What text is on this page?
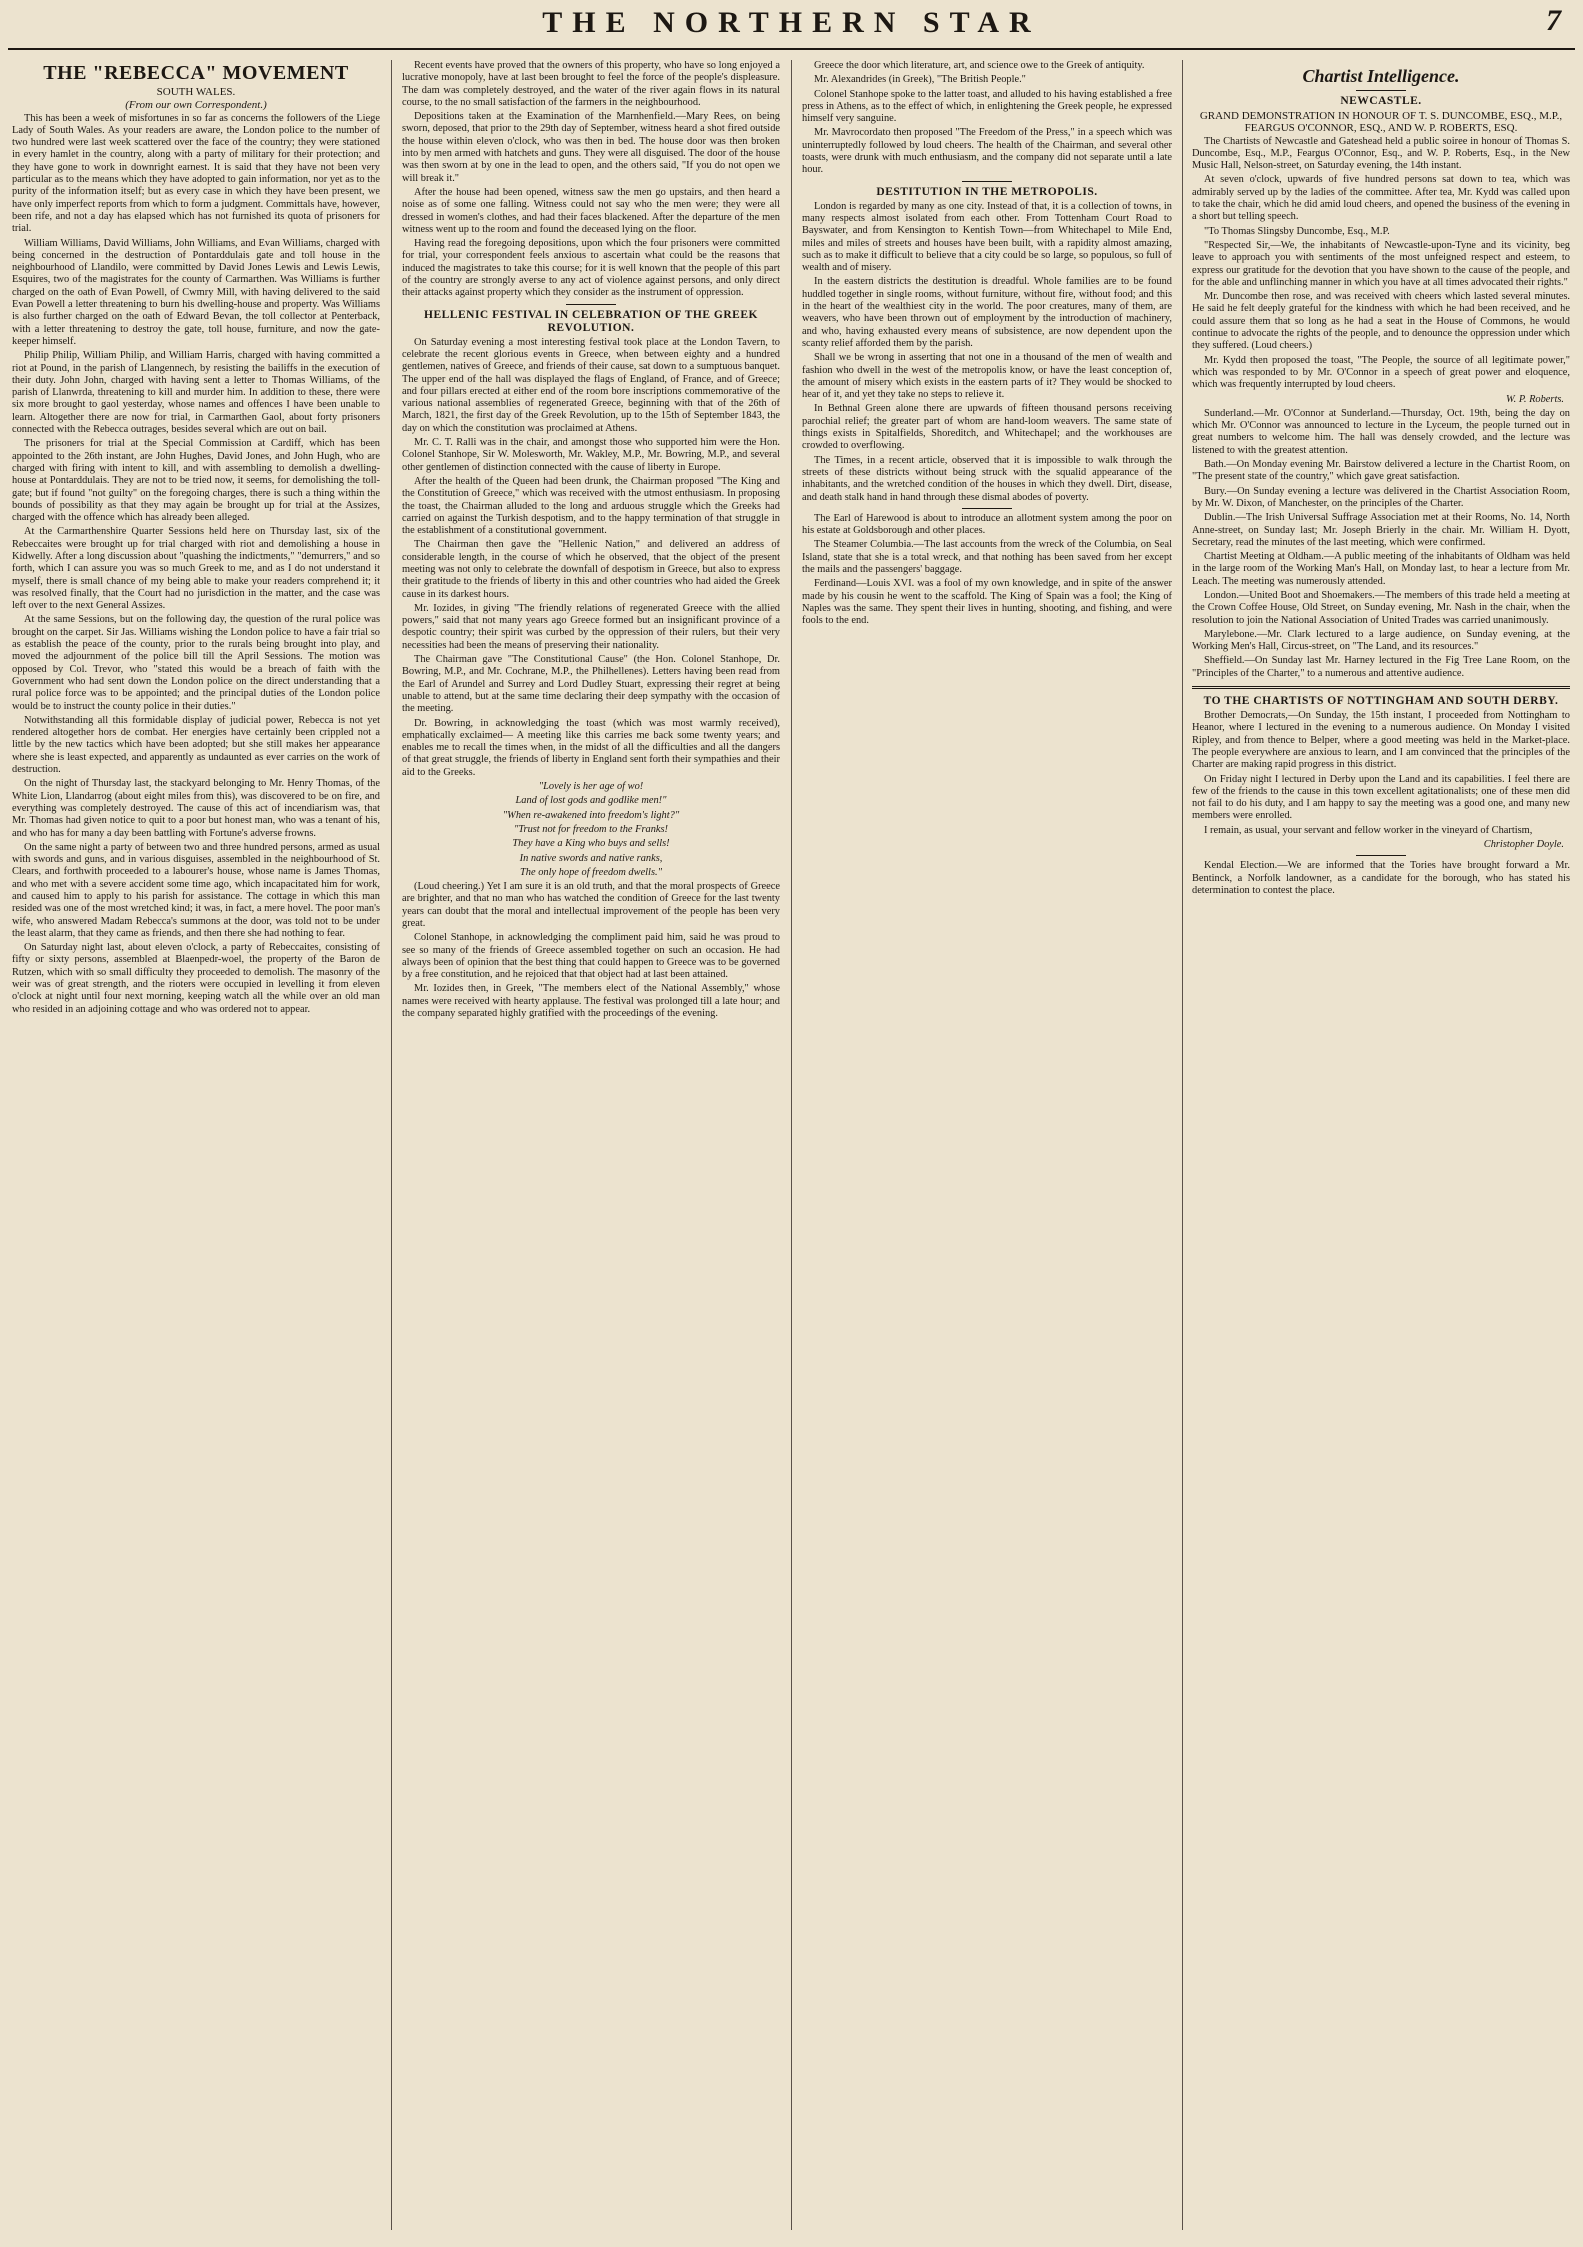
THE NORTHERN STAR	7
THE "REBECCA" MOVEMENT
SOUTH WALES.
(From our own Correspondent.)

This has been a week of misfortunes in so far as concerns the followers of the Liege Lady of South Wales. As your readers are aware, the London police to the number of two hundred were last week scattered over the face of the country; they were stationed in every hamlet in the country, along with a party of military for their protection; and they have gone to work in downright earnest. It is said that they have not been very particular as to the means which they have adopted to gain information, nor yet as to the purity of the information itself; but as every case in which they have been present, we have only imperfect reports from which to form a judgment. Committals have, however, been rife, and not a day has elapsed which has not furnished its quota of prisoners for trial.

William Williams, David Williams, John Williams, and Evan Williams, charged with being concerned in the destruction of Pontarddulais gate and toll house in the neighbourhood of Llandilo, were committed by David Jones Lewis and Lewis Lewis, Esquires, two of the magistrates for the county of Carmarthen. Was Williams is further charged on the oath of Evan Powell, of Cwmry Mill, with having delivered to the said Evan Powell a letter threatening to burn his dwelling-house and property. Was Williams is also further charged on the oath of Edward Bevan, the toll collector at Penterback, with a letter threatening to destroy the gate, toll house, furniture, and now the gate-keeper himself.

Philip Philip, William Philip, and William Harris, charged with having committed a riot at Pound, in the parish of Llangennech, by resisting the bailiffs in the execution of their duty. John John, charged with having sent a letter to Thomas Williams, of the parish of Llanwrda, threatening to kill and murder him. In addition to these, there were six more brought to gaol yesterday, whose names and offences I have been unable to learn. Altogether there are now for trial, in Carmarthen Gaol, about forty prisoners connected with the Rebecca outrages, besides several which are out on bail.

The prisoners for trial at the Special Commission at Cardiff, which has been appointed to the 26th instant, are John Hughes, David Jones, and John Hugh, who are charged with firing with intent to kill, and with assembling to demolish a dwelling-house at Pontarddulais. They are not to be tried now, it seems, for demolishing the toll-gate; but if found "not guilty" on the foregoing charges, there is such a thing within the bounds of possibility as that they may again be brought up for trial at the Assizes, charged with the offence which has already been alleged.

At the Carmarthenshire Quarter Sessions held here on Thursday last, six of the Rebeccaites were brought up for trial charged with riot and demolishing a house in Kidwelly. After a long discussion about "quashing the indictments," "demurrers," and so forth, which I can assure you was so much Greek to me, and as I do not understand it myself, there is small chance of my being able to make your readers comprehend it; it was resolved finally, that the Court had no jurisdiction in the matter, and the case was left over to the next General Assizes.

At the same Sessions, but on the following day, the question of the rural police was brought on the carpet. Sir Jas. Williams wishing the London police to have a fair trial so as establish the peace of the county, prior to the rurals being brought into play, and moved the adjournment of the police bill till the April Sessions. The motion was opposed by Col. Trevor, who "stated this would be a breach of faith with the Government who had sent down the London police on the direct understanding that a rural police force was to be appointed; and the principal duties of the London police would be to instruct the county police in their duties."

Notwithstanding all this formidable display of judicial power, Rebecca is not yet rendered altogether hors de combat. Her energies have certainly been crippled not a little by the new tactics which have been adopted; but she still makes her appearance where she is least expected, and apparently as undaunted as ever carries on the work of destruction.

On the night of Thursday last, the stackyard belonging to Mr. Henry Thomas, of the White Lion, Llandarrog (about eight miles from this), was discovered to be on fire, and everything was completely destroyed. The cause of this act of incendiarism was, that Mr. Thomas had given notice to quit to a poor but honest man, who was a tenant of his, and who has for many a day been battling with Fortune's adverse frowns.

On the same night a party of between two and three hundred persons, armed as usual with swords and guns, and in various disguises, assembled in the neighbourhood of St. Clears, and forthwith proceeded to a labourer's house, whose name is James Thomas, and who met with a severe accident some time ago, which incapacitated him for work, and caused him to apply to his parish for assistance. The cottage in which this man resided was one of the most wretched kind; it was, in fact, a mere hovel. The poor man's wife, who answered Madam Rebecca's summons at the door, was told not to be under the least alarm, that they came as friends, and then there she had nothing to fear.

On Saturday night last, about eleven o'clock, a party of Rebeccaites, consisting of fifty or sixty persons, assembled at Blaenpedr-woel, the property of the Baron de Rutzen, which with so small difficulty they proceeded to demolish. The masonry of the weir was of great strength, and the rioters were occupied in levelling it from eleven o'clock at night until four next morning, keeping watch all the while over an old man who resided in an adjoining cottage and who was ordered not to appear.

Recent events have proved that the owners of this property, who have so long enjoyed a lucrative monopoly, have at last been brought to feel the force of the people's displeasure. The dam was completely destroyed, and the water of the river again flows in its natural course, to the no small satisfaction of the farmers in the neighbourhood.

Depositions taken at the Examination of the Marnhenfield.—Mary Rees, on being sworn, deposed, that prior to the 29th day of September, witness heard a shot fired outside the house within eleven o'clock, who was then in bed. The house door was then broken into by men armed with hatchets and guns. They were all disguised. The door of the house was then sworn at by one in the lead to open, and the others said, "If you do not open we will break it."

After the house had been opened, witness saw the men go upstairs, and then heard a noise as of some one falling. Witness could not say who the men were; they were all dressed in women's clothes, and had their faces blackened. After the departure of the men witness went up to the room and found the deceased lying on the floor.

Having read the foregoing depositions, upon which the four prisoners were committed for trial, your correspondent feels anxious to ascertain what could be the reasons that induced the magistrates to take this course; for it is well known that the people of this part of the country are strongly averse to any act of violence against persons, and only direct their attacks against property which they consider as the instrument of oppression.

HELLENIC FESTIVAL IN CELEBRATION OF THE GREEK REVOLUTION.

On Saturday evening a most interesting festival took place at the London Tavern, to celebrate the recent glorious events in Greece, when between eighty and a hundred gentlemen, natives of Greece, and friends of their cause, sat down to a sumptuous banquet. The upper end of the hall was displayed the flags of England, of France, and of Greece; and four pillars erected at either end of the room bore inscriptions commemorative of the various national assemblies of regenerated Greece, beginning with that of the 26th of March, 1821, the first day of the Greek Revolution, up to the 15th of September 1843, the day on which the constitution was proclaimed at Athens.

Mr. C. T. Ralli was in the chair, and amongst those who supported him were the Hon. Colonel Stanhope, Sir W. Molesworth, Mr. Wakley, M.P., Mr. Bowring, M.P., and several other gentlemen of distinction connected with the cause of liberty in Europe.

After the health of the Queen had been drunk, the Chairman proposed "The King and the Constitution of Greece," which was received with the utmost enthusiasm. In proposing the toast, the Chairman alluded to the long and arduous struggle which the Greeks had carried on against the Turkish despotism, and to the happy termination of that struggle in the establishment of a constitutional government.

The Chairman then gave the "Hellenic Nation," and delivered an address of considerable length, in the course of which he observed, that the object of the present meeting was not only to celebrate the downfall of despotism in Greece, but also to express their gratitude to the friends of liberty in this and other countries who had aided the Greek cause in its darkest hours.

Mr. Iozides, in giving "The friendly relations of regenerated Greece with the allied powers," said that not many years ago Greece formed but an insignificant province of a despotic country; their spirit was curbed by the oppression of their rulers, but their very necessities had been the means of preserving their nationality.

The Chairman gave "The Constitutional Cause" (the Hon. Colonel Stanhope, Dr. Bowring, M.P., and Mr. Cochrane, M.P., the Philhellenes). Letters having been read from the Earl of Arundel and Surrey and Lord Dudley Stuart, expressing their regret at being unable to attend, but at the same time declaring their deep sympathy with the occasion of the meeting.

Dr. Bowring, in acknowledging the toast (which was most warmly received), emphatically exclaimed— A meeting like this carries me back some twenty years; and enables me to recall the times when, in the midst of all the difficulties and all the dangers of that great struggle, the friends of liberty in England sent forth their sympathies and their aid to the Greeks.

"Lovely is her age of wo!

Land of lost gods and godlike men!"

"When re-awakened into freedom's light?"

"Trust not for freedom to the Franks!

They have a King who buys and sells!

In native swords and native ranks,

The only hope of freedom dwells."

(Loud cheering.) Yet I am sure it is an old truth, and that the moral prospects of Greece are brighter, and that no man who has watched the condition of Greece for the last twenty years can doubt that the moral and intellectual improvement of the people has been very great.

Colonel Stanhope, in acknowledging the compliment paid him, said he was proud to see so many of the friends of Greece assembled together on such an occasion. He had always been of opinion that the best thing that could happen to Greece was to be governed by a free constitution, and he rejoiced that that object had at last been attained.

Mr. Iozides then, in Greek, "The members elect of the National Assembly," whose names were received with hearty applause. The festival was prolonged till a late hour; and the company separated highly gratified with the proceedings of the evening.

Greece the door which literature, art, and science owe to the Greek of antiquity.

Mr. Alexandrides (in Greek), "The British People."

Colonel Stanhope spoke to the latter toast, and alluded to his having established a free press in Athens, as to the effect of which, in enlightening the Greek people, he expressed himself very sanguine.

Mr. Mavrocordato then proposed "The Freedom of the Press," in a speech which was uninterruptedly followed by loud cheers. The health of the Chairman, and several other toasts, were drunk with much enthusiasm, and the company did not separate until a late hour.

DESTITUTION IN THE METROPOLIS.

London is regarded by many as one city. Instead of that, it is a collection of towns, in many respects almost isolated from each other. From Tottenham Court Road to Bayswater, and from Kensington to Kentish Town—from Whitechapel to Mile End, miles and miles of streets and houses have been built, with a rapidity almost amazing, such as to make it difficult to believe that a city could be so large, so populous, so full of wealth and of misery.

In the eastern districts the destitution is dreadful. Whole families are to be found huddled together in single rooms, without furniture, without fire, without food; and this in the heart of the wealthiest city in the world. The poor creatures, many of them, are weavers, who have been thrown out of employment by the introduction of machinery, and who, having exhausted every means of subsistence, are now dependent upon the scanty relief afforded them by the parish.

Shall we be wrong in asserting that not one in a thousand of the men of wealth and fashion who dwell in the west of the metropolis know, or have the least conception of, the amount of misery which exists in the eastern parts of it? They would be shocked to hear of it, and yet they take no steps to relieve it.

In Bethnal Green alone there are upwards of fifteen thousand persons receiving parochial relief; the greater part of whom are hand-loom weavers. The same state of things exists in Spitalfields, Shoreditch, and Whitechapel; and the workhouses are crowded to overflowing.

The Times, in a recent article, observed that it is impossible to walk through the streets of these districts without being struck with the squalid appearance of the inhabitants, and the wretched condition of the houses in which they dwell. Dirt, disease, and death stalk hand in hand through these dismal abodes of poverty.

The Earl of Harewood is about to introduce an allotment system among the poor on his estate at Goldsborough and other places.

The Steamer Columbia.—The last accounts from the wreck of the Columbia, on Seal Island, state that she is a total wreck, and that nothing has been saved from her except the mails and the passengers' baggage.

Ferdinand—Louis XVI. was a fool of my own knowledge, and in spite of the answer made by his cousin he went to the scaffold. The King of Spain was a fool; the King of Naples was the same. They spent their lives in hunting, shooting, and fishing, and were fools to the end.

Chartist Intelligence.
NEWCASTLE.
GRAND DEMONSTRATION IN HONOUR OF T. S. DUNCOMBE, ESQ., M.P., FEARGUS O'CONNOR, ESQ., AND W. P. ROBERTS, ESQ.

The Chartists of Newcastle and Gateshead held a public soiree in honour of Thomas S. Duncombe, Esq., M.P., Feargus O'Connor, Esq., and W. P. Roberts, Esq., in the New Music Hall, Nelson-street, on Saturday evening, the 14th instant.

At seven o'clock, upwards of five hundred persons sat down to tea, which was admirably served up by the ladies of the committee. After tea, Mr. Kydd was called upon to take the chair, which he did amid loud cheers, and opened the business of the evening in a short but telling speech.

"To Thomas Slingsby Duncombe, Esq., M.P.

"Respected Sir,—We, the inhabitants of Newcastle-upon-Tyne and its vicinity, beg leave to approach you with sentiments of the most unfeigned respect and esteem, to express our gratitude for the devotion that you have shown to the cause of the people, and for the able and unflinching manner in which you have at all times advocated their rights."

Mr. Duncombe then rose, and was received with cheers which lasted several minutes. He said he felt deeply grateful for the kindness with which he had been received, and he could assure them that so long as he had a seat in the House of Commons, he would continue to advocate the rights of the people, and to denounce the oppression under which they suffered. (Loud cheers.)

Mr. Kydd then proposed the toast, "The People, the source of all legitimate power," which was responded to by Mr. O'Connor in a speech of great power and eloquence, which was frequently interrupted by loud cheers.

W. P. Roberts.

Sunderland.—Mr. O'Connor at Sunderland.—Thursday, Oct. 19th, being the day on which Mr. O'Connor was announced to lecture in the Lyceum, the people turned out in great numbers to welcome him. The hall was densely crowded, and the lecture was listened to with the greatest attention.

Bath.—On Monday evening Mr. Bairstow delivered a lecture in the Chartist Room, on "The present state of the country," which gave great satisfaction.

Bury.—On Sunday evening a lecture was delivered in the Chartist Association Room, by Mr. W. Dixon, of Manchester, on the principles of the Charter.

Dublin.—The Irish Universal Suffrage Association met at their Rooms, No. 14, North Anne-street, on Sunday last; Mr. Joseph Brierly in the chair. Mr. William H. Dyott, Secretary, read the minutes of the last meeting, which were confirmed.

Chartist Meeting at Oldham.—A public meeting of the inhabitants of Oldham was held in the large room of the Working Man's Hall, on Monday last, to hear a lecture from Mr. Leach. The meeting was numerously attended.

London.—United Boot and Shoemakers.—The members of this trade held a meeting at the Crown Coffee House, Old Street, on Sunday evening, Mr. Nash in the chair, when the resolution to join the National Association of United Trades was carried unanimously.

Marylebone.—Mr. Clark lectured to a large audience, on Sunday evening, at the Working Men's Hall, Circus-street, on "The Land, and its resources."

Sheffield.—On Sunday last Mr. Harney lectured in the Fig Tree Lane Room, on the "Principles of the Charter," to a numerous and attentive audience.

TO THE CHARTISTS OF NOTTINGHAM AND SOUTH DERBY.

Brother Democrats,—On Sunday, the 15th instant, I proceeded from Nottingham to Heanor, where I lectured in the evening to a numerous audience. On Monday I visited Ripley, and from thence to Belper, where a good meeting was held in the Market-place. The people everywhere are anxious to learn, and I am convinced that the principles of the Charter are making rapid progress in this district.

On Friday night I lectured in Derby upon the Land and its capabilities. I feel there are few of the friends to the cause in this town excellent agitationalists; one of these men did not fail to do his duty, and I am happy to say the meeting was a good one, and many new members were enrolled.

I remain, as usual, your servant and fellow worker in the vineyard of Chartism,

Christopher Doyle.

Kendal Election.—We are informed that the Tories have brought forward a Mr. Bentinck, a Norfolk landowner, as a candidate for the borough, who has stated his determination to contest the place.
